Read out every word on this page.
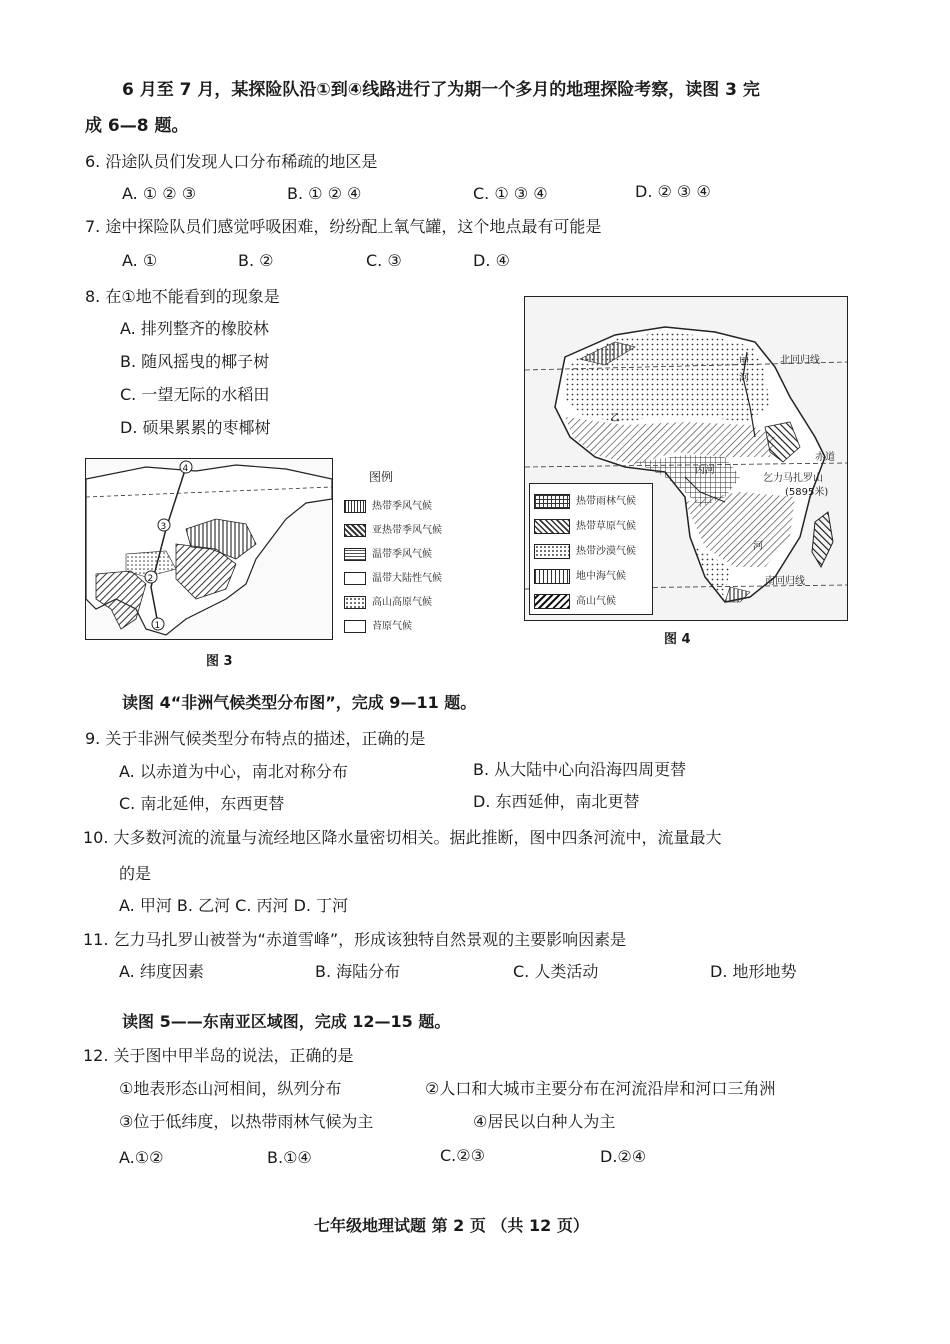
6 月至 7 月，某探险队沿①到④线路进行了为期一个多月的地理探险考察，读图 3 完
成 6—8 题。
6. 沿途队员们发现人口分布稀疏的地区是
A. ① ② ③	B. ① ② ④	C. ① ③ ④	D. ② ③ ④
7. 途中探险队员们感觉呼吸困难，纷纷配上氧气罐，这个地点最有可能是
A. ①	B. ②	C. ③	D. ④
8. 在①地不能看到的现象是
A. 排列整齐的橡胶林
B. 随风摇曳的椰子树
C. 一望无际的水稻田
D. 硕果累累的枣椰树
1
2
3
4
图例
热带季风气候
亚热带季风气候
温带季风气候
温带大陆性气候
高山高原气候
苔原气候
图 3
甲
河
北回归线
乙
丙河
赤道
乞力马扎罗山
(5895米)
河
南回归线
热带雨林气候
热带草原气候
热带沙漠气候
地中海气候
高山气候
图 4
读图 4“非洲气候类型分布图”，完成 9—11 题。
9. 关于非洲气候类型分布特点的描述，正确的是
A. 以赤道为中心，南北对称分布	B. 从大陆中心向沿海四周更替
C. 南北延伸，东西更替	D. 东西延伸，南北更替
10. 大多数河流的流量与流经地区降水量密切相关。据此推断，图中四条河流中，流量最大
的是
A. 甲河 B. 乙河 C. 丙河 D. 丁河
11. 乞力马扎罗山被誉为“赤道雪峰”，形成该独特自然景观的主要影响因素是
A. 纬度因素	B. 海陆分布	C. 人类活动	D. 地形地势
读图 5——东南亚区域图，完成 12—15 题。
12. 关于图中甲半岛的说法，正确的是
①地表形态山河相间，纵列分布	②人口和大城市主要分布在河流沿岸和河口三角洲
③位于低纬度，以热带雨林气候为主	④居民以白种人为主
A.①②	B.①④	C.②③	D.②④
七年级地理试题 第 2 页 （共 12 页）
